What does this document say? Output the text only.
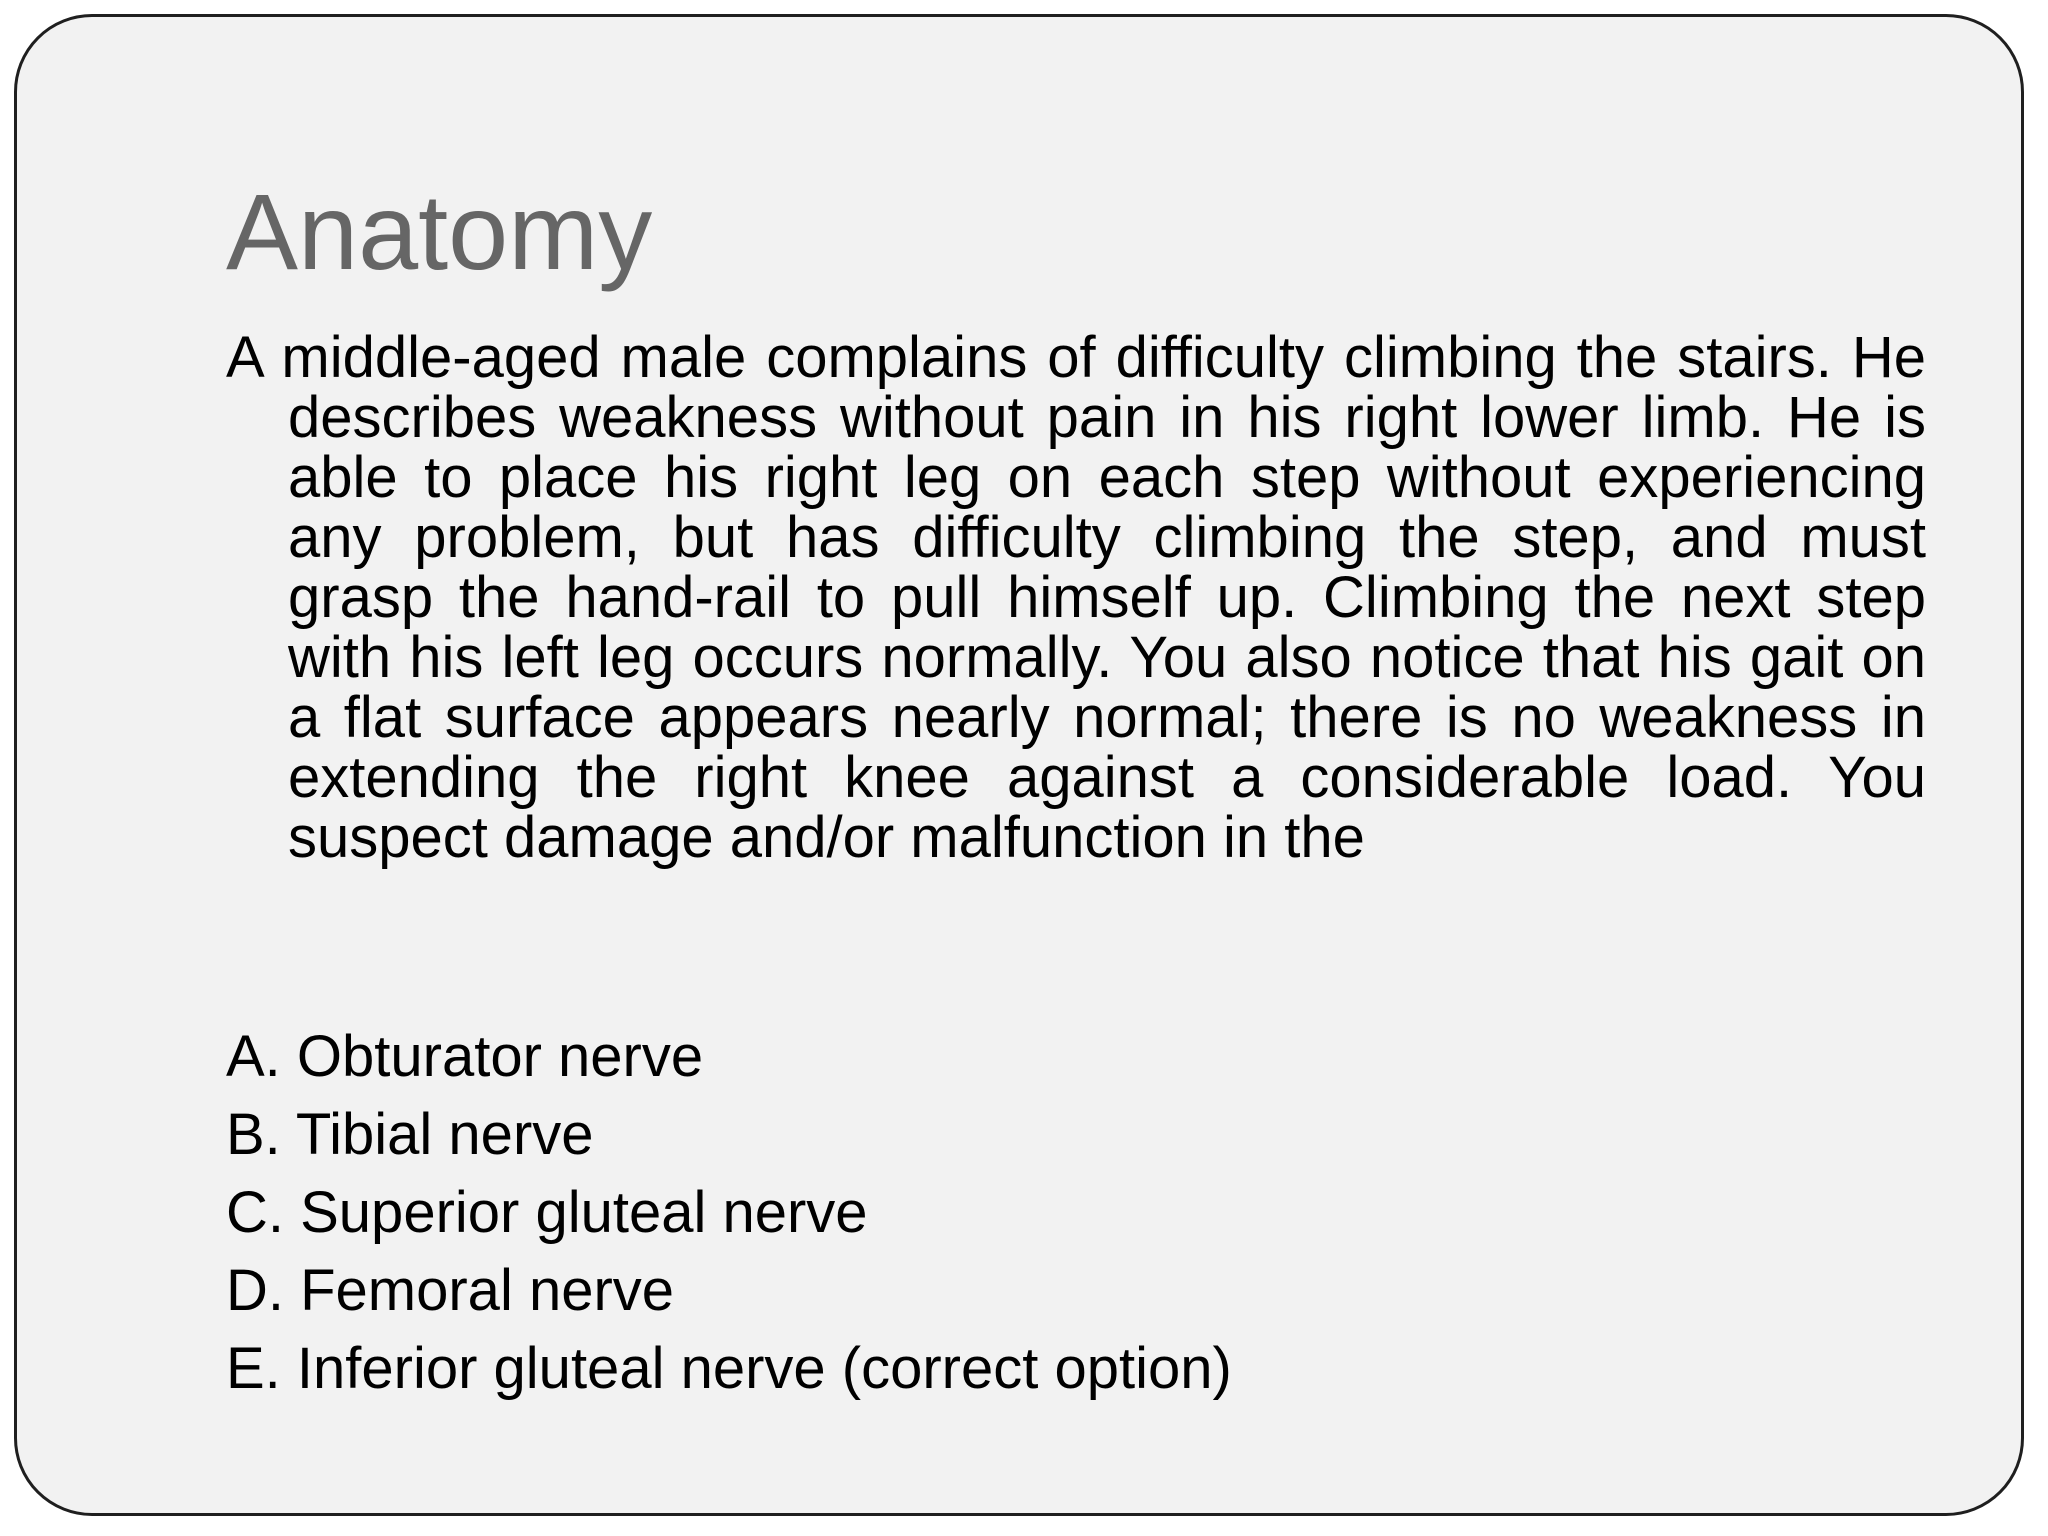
Anatomy

A middle-aged male complains of difficulty climbing the stairs. He describes weakness without pain in his right lower limb. He is able to place his right leg on each step without experiencing any problem, but has difficulty climbing the step, and must grasp the hand-rail to pull himself up. Climbing the next step with his left leg occurs normally. You also notice that his gait on a flat surface appears nearly normal; there is no weakness in extending the right knee against a considerable load. You suspect damage and/or malfunction in the

A. Obturator nerve
B. Tibial nerve
C. Superior gluteal nerve
D. Femoral nerve
E. Inferior gluteal nerve (correct option)
